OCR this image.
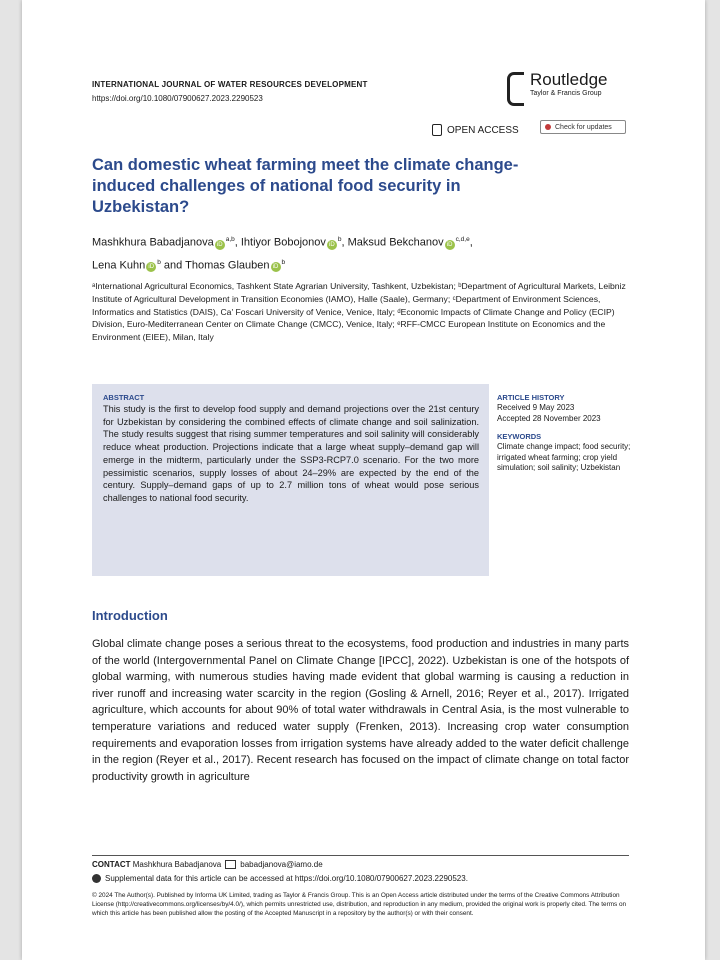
INTERNATIONAL JOURNAL OF WATER RESOURCES DEVELOPMENT
https://doi.org/10.1080/07900627.2023.2290523
Routledge
Taylor & Francis Group
OPEN ACCESS	Check for updates
Can domestic wheat farming meet the climate change-induced challenges of national food security in Uzbekistan?
Mashkhura Babadjanova iD$^{a,b}$, Ihtiyor Bobojonov $iD^b$, Maksud Bekchanov iD$^{c,d,e}$,
Lena Kuhn $iD^b$ and Thomas Glauben $iD^b$
ᵃInternational Agricultural Economics, Tashkent State Agrarian University, Tashkent, Uzbekistan; ᵇDepartment of Agricultural Markets, Leibniz Institute of Agricultural Development in Transition Economies (IAMO), Halle (Saale), Germany; ᶜDepartment of Environment Sciences, Informatics and Statistics (DAIS), Ca' Foscari University of Venice, Venice, Italy; ᵈEconomic Impacts of Climate Change and Policy (ECIP) Division, Euro-Mediterranean Center on Climate Change (CMCC), Venice, Italy; ᵉRFF-CMCC European Institute on Economics and the Environment (EIEE), Milan, Italy
ABSTRACT
This study is the first to develop food supply and demand projections over the 21st century for Uzbekistan by considering the combined effects of climate change and soil salinization. The study results suggest that rising summer temperatures and soil salinity will considerably reduce wheat production. Projections indicate that a large wheat supply–demand gap will emerge in the midterm, particularly under the SSP3-RCP7.0 scenario. For the two more pessimistic scenarios, supply losses of about 24–29% are expected by the end of the century. Supply–demand gaps of up to 2.7 million tons of wheat would pose serious challenges to national food security.
ARTICLE HISTORY
Received 9 May 2023
Accepted 28 November 2023
KEYWORDS
Climate change impact; food security; irrigated wheat farming; crop yield simulation; soil salinity; Uzbekistan
Introduction
Global climate change poses a serious threat to the ecosystems, food production and industries in many parts of the world (Intergovernmental Panel on Climate Change [IPCC], 2022). Uzbekistan is one of the hotspots of global warming, with numerous studies having made evident that global warming is causing a reduction in river runoff and increasing water scarcity in the region (Gosling & Arnell, 2016; Reyer et al., 2017). Irrigated agriculture, which accounts for about 90% of total water withdrawals in Central Asia, is the most vulnerable to temperature variations and reduced water supply (Frenken, 2013). Increasing crop water consumption requirements and evaporation losses from irrigation systems have already added to the water deficit challenge in the region (Reyer et al., 2017). Recent research has focused on the impact of climate change on total factor productivity growth in agriculture
CONTACT
Mashkhura Babadjanova babadjanova@iamo.de
Supplemental data for this article can be accessed at https://doi.org/10.1080/07900627.2023.2290523.
© 2024 The Author(s). Published by Informa UK Limited, trading as Taylor & Francis Group. This is an Open Access article distributed under the terms of the Creative Commons Attribution License (http://creativecommons.org/licenses/by/4.0/), which permits unrestricted use, distribution, and reproduction in any medium, provided the original work is properly cited. The terms on which this article has been published allow the posting of the Accepted Manuscript in a repository by the author(s) or with their consent.
